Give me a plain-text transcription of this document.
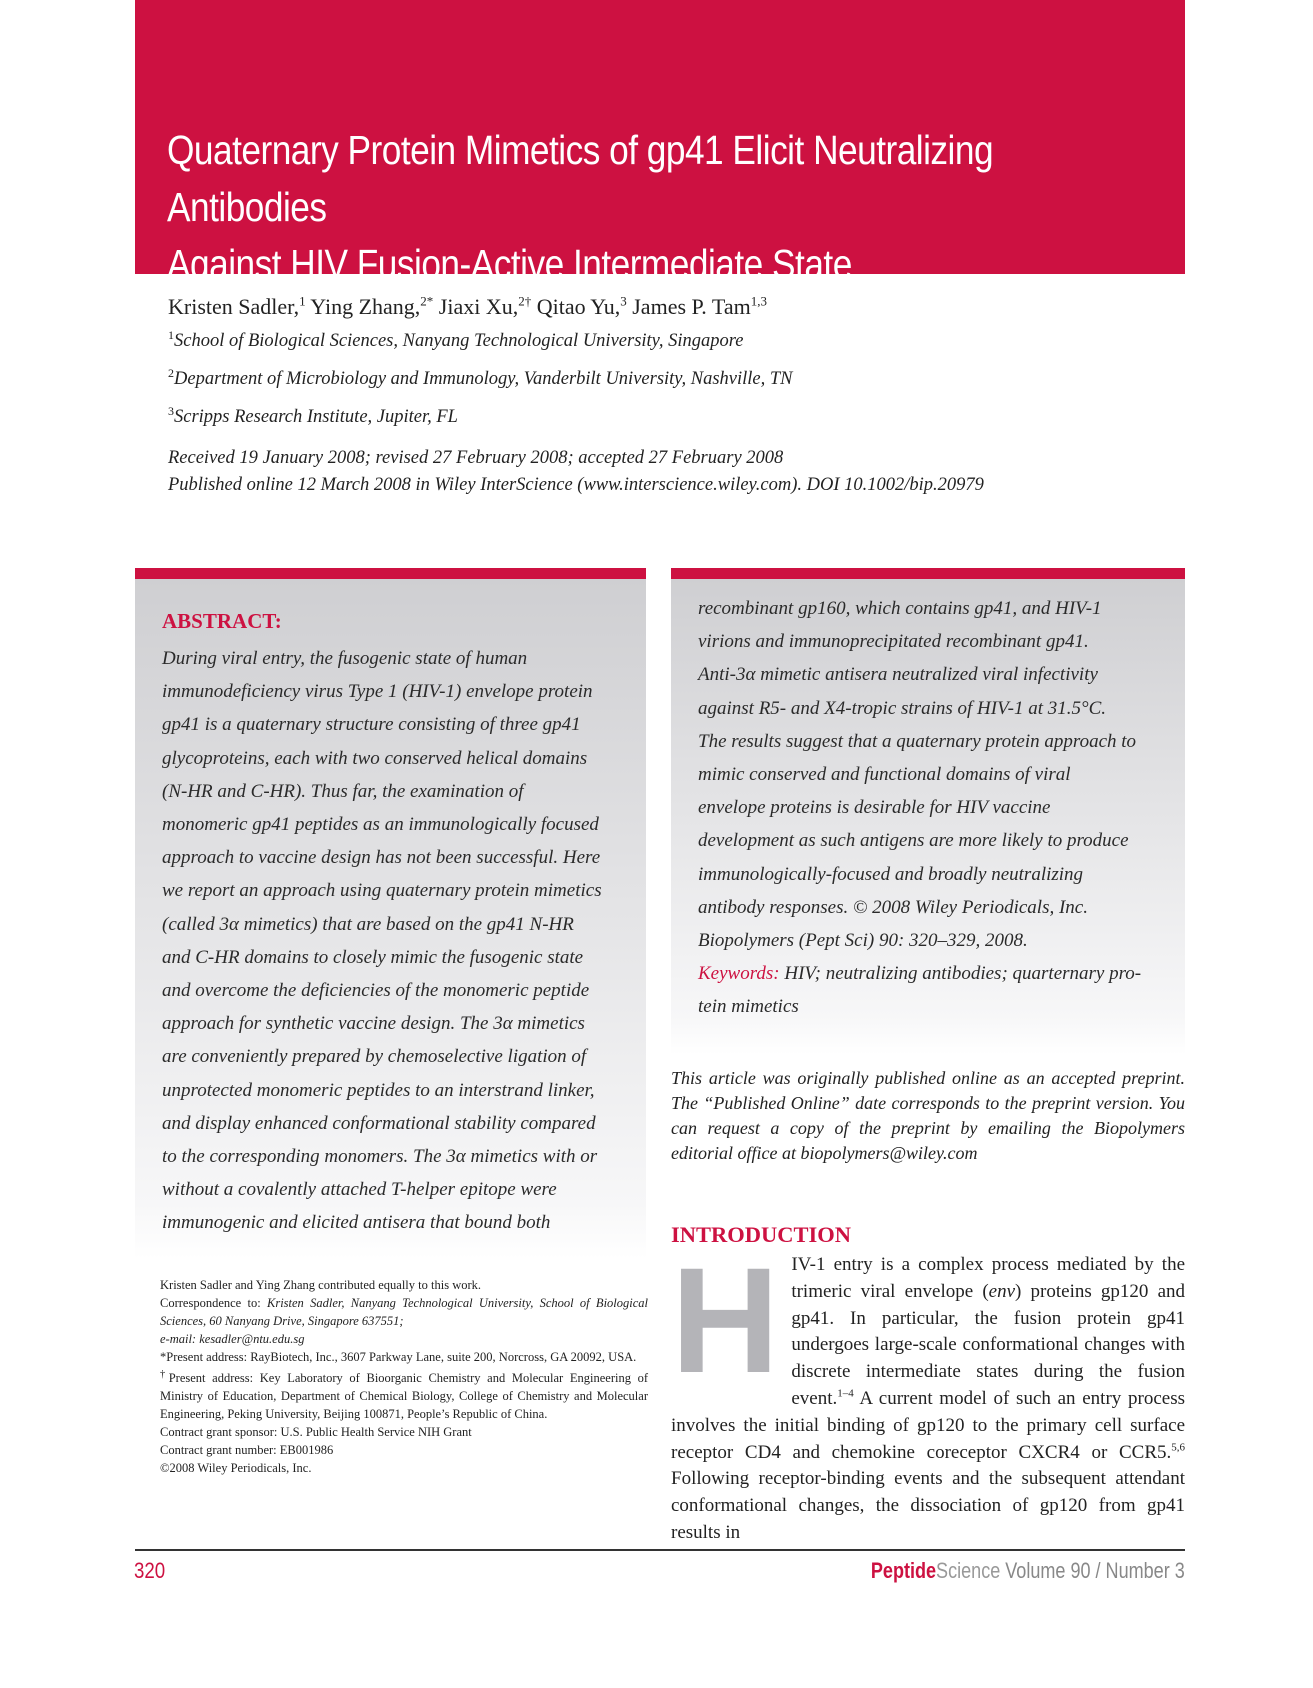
Quaternary Protein Mimetics of gp41 Elicit Neutralizing Antibodies
Against HIV Fusion-Active Intermediate State
Kristen Sadler,$^1$ Ying Zhang,$^{2*}$ Jiaxi Xu,$^{2\dagger}$ Qitao Yu,$^3$ James P. Tam$^{1,3}$
$^1$School of Biological Sciences, Nanyang Technological University, Singapore
$^2$Department of Microbiology and Immunology, Vanderbilt University, Nashville, TN
$^3$Scripps Research Institute, Jupiter, FL
Received 19 January 2008; revised 27 February 2008; accepted 27 February 2008
Published online 12 March 2008 in Wiley InterScience (www.interscience.wiley.com). DOI 10.1002/bip.20979
ABSTRACT:

During viral entry, the fusogenic state of human
immunodeficiency virus Type 1 (HIV-1) envelope protein
gp41 is a quaternary structure consisting of three gp41
glycoproteins, each with two conserved helical domains
(N-HR and C-HR). Thus far, the examination of
monomeric gp41 peptides as an immunologically focused
approach to vaccine design has not been successful. Here
we report an approach using quaternary protein mimetics
(called 3α mimetics) that are based on the gp41 N-HR
and C-HR domains to closely mimic the fusogenic state
and overcome the deficiencies of the monomeric peptide
approach for synthetic vaccine design. The 3α mimetics
are conveniently prepared by chemoselective ligation of
unprotected monomeric peptides to an interstrand linker,
and display enhanced conformational stability compared
to the corresponding monomers. The 3α mimetics with or
without a covalently attached T-helper epitope were
immunogenic and elicited antisera that bound both

recombinant gp160, which contains gp41, and HIV-1
virions and immunoprecipitated recombinant gp41.
Anti-3α mimetic antisera neutralized viral infectivity
against R5- and X4-tropic strains of HIV-1 at 31.5°C.
The results suggest that a quaternary protein approach to
mimic conserved and functional domains of viral
envelope proteins is desirable for HIV vaccine
development as such antigens are more likely to produce
immunologically-focused and broadly neutralizing
antibody responses. © 2008 Wiley Periodicals, Inc.
Biopolymers (Pept Sci) 90: 320–329, 2008.
Keywords: HIV; neutralizing antibodies; quarternary pro-
tein mimetics

This article was originally published online as an accepted preprint. The “Published Online” date corresponds to the preprint version. You can request a copy of the preprint by emailing the Biopolymers editorial office at biopolymers@wiley.com

Kristen Sadler and Ying Zhang contributed equally to this work.

Correspondence to: Kristen Sadler, Nanyang Technological University, School of Biological Sciences, 60 Nanyang Drive, Singapore 637551;

e-mail: kesadler@ntu.edu.sg

*Present address: RayBiotech, Inc., 3607 Parkway Lane, suite 200, Norcross, GA 20092, USA.

†Present address: Key Laboratory of Bioorganic Chemistry and Molecular Engineering of Ministry of Education, Department of Chemical Biology, College of Chemistry and Molecular Engineering, Peking University, Beijing 100871, People’s Republic of China.

Contract grant sponsor: U.S. Public Health Service NIH Grant

Contract grant number: EB001986

©2008 Wiley Periodicals, Inc.

INTRODUCTION

HIV-1 entry is a complex process mediated by the trimeric viral envelope (env) proteins gp120 and gp41. In particular, the fusion protein gp41 undergoes large-scale conformational changes with discrete intermediate states during the fusion event.$^{1-4}$ A current model of such an entry process involves the initial binding of gp120 to the primary cell surface receptor CD4 and chemokine coreceptor CXCR4 or CCR5.$^{5,6}$ Following receptor-binding events and the subsequent attendant conformational changes, the dissociation of gp120 from gp41 results in

320	PeptideScience Volume 90 / Number 3
